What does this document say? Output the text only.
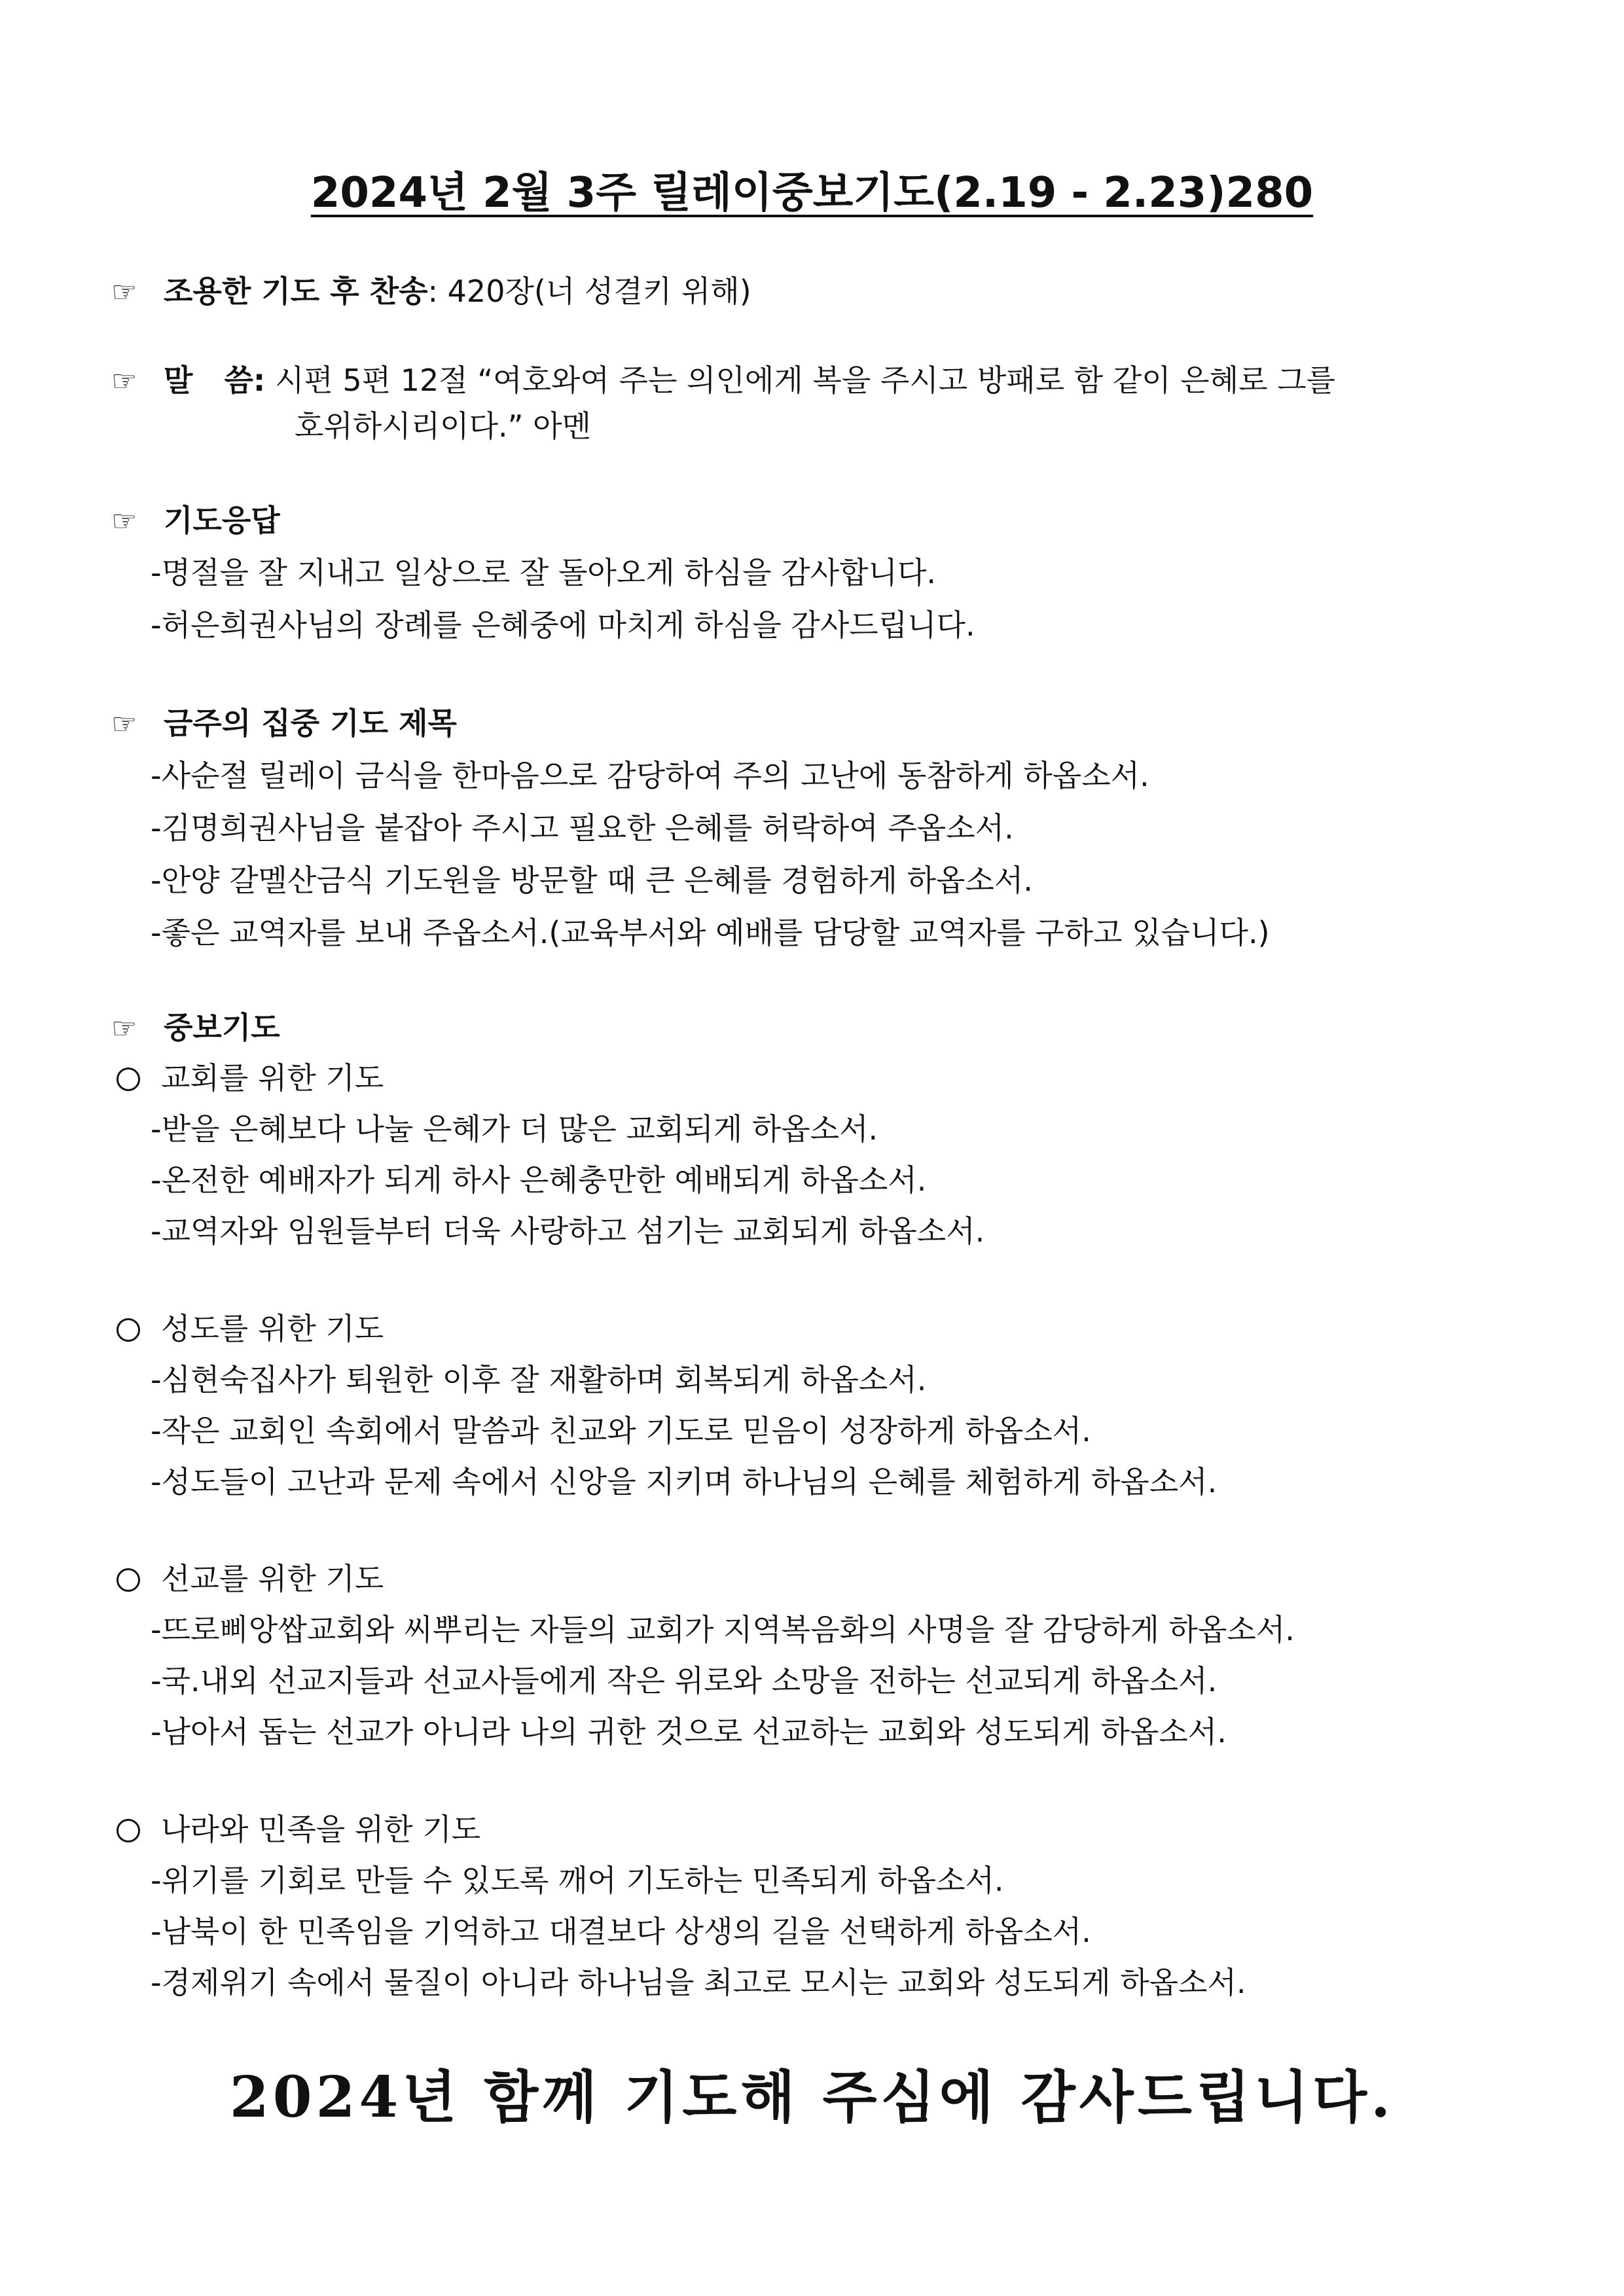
2024년 2월 3주 릴레이중보기도(2.19 - 2.23)280
☞ 조용한 기도 후 찬송: 420장(너 성결키 위해)
☞ 말   씀: 시편 5편 12절 “여호와여 주는 의인에게 복을 주시고 방패로 함 같이 은혜로 그를
호위하시리이다.” 아멘
☞ 기도응답
-명절을 잘 지내고 일상으로 잘 돌아오게 하심을 감사합니다.
-허은희권사님의 장례를 은혜중에 마치게 하심을 감사드립니다.
☞ 금주의 집중 기도 제목
-사순절 릴레이 금식을 한마음으로 감당하여 주의 고난에 동참하게 하옵소서.
-김명희권사님을 붙잡아 주시고 필요한 은혜를 허락하여 주옵소서.
-안양 갈멜산금식 기도원을 방문할 때 큰 은혜를 경험하게 하옵소서.
-좋은 교역자를 보내 주옵소서.(교육부서와 예배를 담당할 교역자를 구하고 있습니다.)
☞ 중보기도
교회를 위한 기도
-받을 은혜보다 나눌 은혜가 더 많은 교회되게 하옵소서.
-온전한 예배자가 되게 하사 은혜충만한 예배되게 하옵소서.
-교역자와 임원들부터 더욱 사랑하고 섬기는 교회되게 하옵소서.
성도를 위한 기도
-심현숙집사가 퇴원한 이후 잘 재활하며 회복되게 하옵소서.
-작은 교회인 속회에서 말씀과 친교와 기도로 믿음이 성장하게 하옵소서.
-성도들이 고난과 문제 속에서 신앙을 지키며 하나님의 은혜를 체험하게 하옵소서.
선교를 위한 기도
-뜨로삐앙쌉교회와 씨뿌리는 자들의 교회가 지역복음화의 사명을 잘 감당하게 하옵소서.
-국.내외 선교지들과 선교사들에게 작은 위로와 소망을 전하는 선교되게 하옵소서.
-남아서 돕는 선교가 아니라 나의 귀한 것으로 선교하는 교회와 성도되게 하옵소서.
나라와 민족을 위한 기도
-위기를 기회로 만들 수 있도록 깨어 기도하는 민족되게 하옵소서.
-남북이 한 민족임을 기억하고 대결보다 상생의 길을 선택하게 하옵소서.
-경제위기 속에서 물질이 아니라 하나님을 최고로 모시는 교회와 성도되게 하옵소서.
2024년 함께 기도해 주심에 감사드립니다.
